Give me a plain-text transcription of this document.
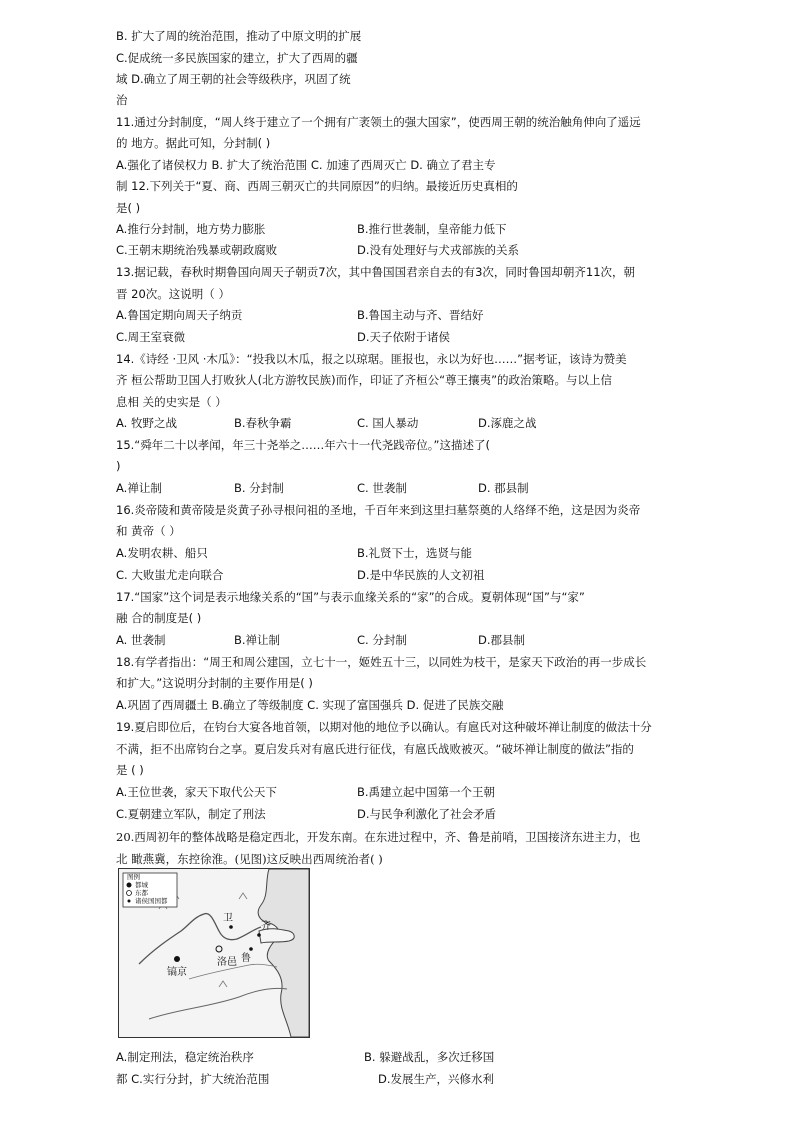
B. 扩大了周的统治范围，推动了中原文明的扩展
C.促成统一多民族国家的建立，扩大了西周的疆
域 D.确立了周王朝的社会等级秩序，巩固了统
治
11.通过分封制度，“周人终于建立了一个拥有广袤领土的强大国家”，使西周王朝的统治触角伸向了遥远
的 地方。据此可知，分封制( )
A.强化了诸侯权力 B. 扩大了统治范围 C. 加速了西周灭亡 D. 确立了君主专
制 12.下列关于“夏、商、西周三朝灭亡的共同原因”的归纳。最接近历史真相的
是( )
A.推行分封制，地方势力膨胀	B.推行世袭制，皇帝能力低下
C.王朝末期统治残暴或朝政腐败	D.没有处理好与犬戎部族的关系
13.据记载，春秋时期鲁国向周天子朝贡7次，其中鲁国国君亲自去的有3次，同时鲁国却朝齐11次，朝
晋 20次。这说明（ ）
A.鲁国定期向周天子纳贡	B.鲁国主动与齐、晋结好
C.周王室衰微	D.天子依附于诸侯
14.《诗经 ·卫风 ·木瓜》：“投我以木瓜，报之以琼琚。匪报也，永以为好也……”据考证，该诗为赞美
齐 桓公帮助卫国人打败狄人(北方游牧民族)而作，印证了齐桓公“尊王攘夷”的政治策略。与以上信
息相 关的史实是（ ）
A. 牧野之战	B.春秋争霸	C. 国人暴动	D.涿鹿之战
15.“舜年二十以孝闻，年三十尧举之……年六十一代尧践帝位。”这描述了(
)
A.禅让制	B. 分封制	C. 世袭制	D. 郡县制
16.炎帝陵和黄帝陵是炎黄子孙寻根问祖的圣地，千百年来到这里扫墓祭奠的人络绎不绝，这是因为炎帝
和 黄帝（ ）
A.发明农耕、船只	B.礼贤下士，选贤与能
C. 大败蚩尤走向联合	D.是中华民族的人文初祖
17.“国家”这个词是表示地缘关系的“国”与表示血缘关系的“家”的合成。夏朝体现“国”与“家”
融 合的制度是( )
A. 世袭制	B.禅让制	C. 分封制	D.郡县制
18.有学者指出：“周王和周公建国，立七十一，姬姓五十三，以同姓为枝干，是家天下政治的再一步成长
和扩大。”这说明分封制的主要作用是( )
A.巩固了西周疆土 B.确立了等级制度 C. 实现了富国强兵 D. 促进了民族交融
19.夏启即位后，在钧台大宴各地首领，以期对他的地位予以确认。有扈氏对这种破坏禅让制度的做法十分
不满，拒不出席钧台之享。夏启发兵对有扈氏进行征伐，有扈氏战败被灭。“破坏禅让制度的做法”指的
是 ( )
A.王位世袭，家天下取代公天下	B.禹建立起中国第一个王朝
C.夏朝建立军队，制定了刑法	D.与民争利激化了社会矛盾
20.西周初年的整体战略是稳定西北，开发东南。在东进过程中，齐、鲁是前哨，卫国接济东进主力，也
北 瞰燕冀，东控徐淮。(见图)这反映出西周统治者( )
图例
都城
东都
诸侯国国都
镐京
洛邑
卫
鲁
齐
A.制定刑法，稳定统治秩序	B. 躲避战乱，多次迁移国
都 C.实行分封，扩大统治范围	D.发展生产，兴修水利
